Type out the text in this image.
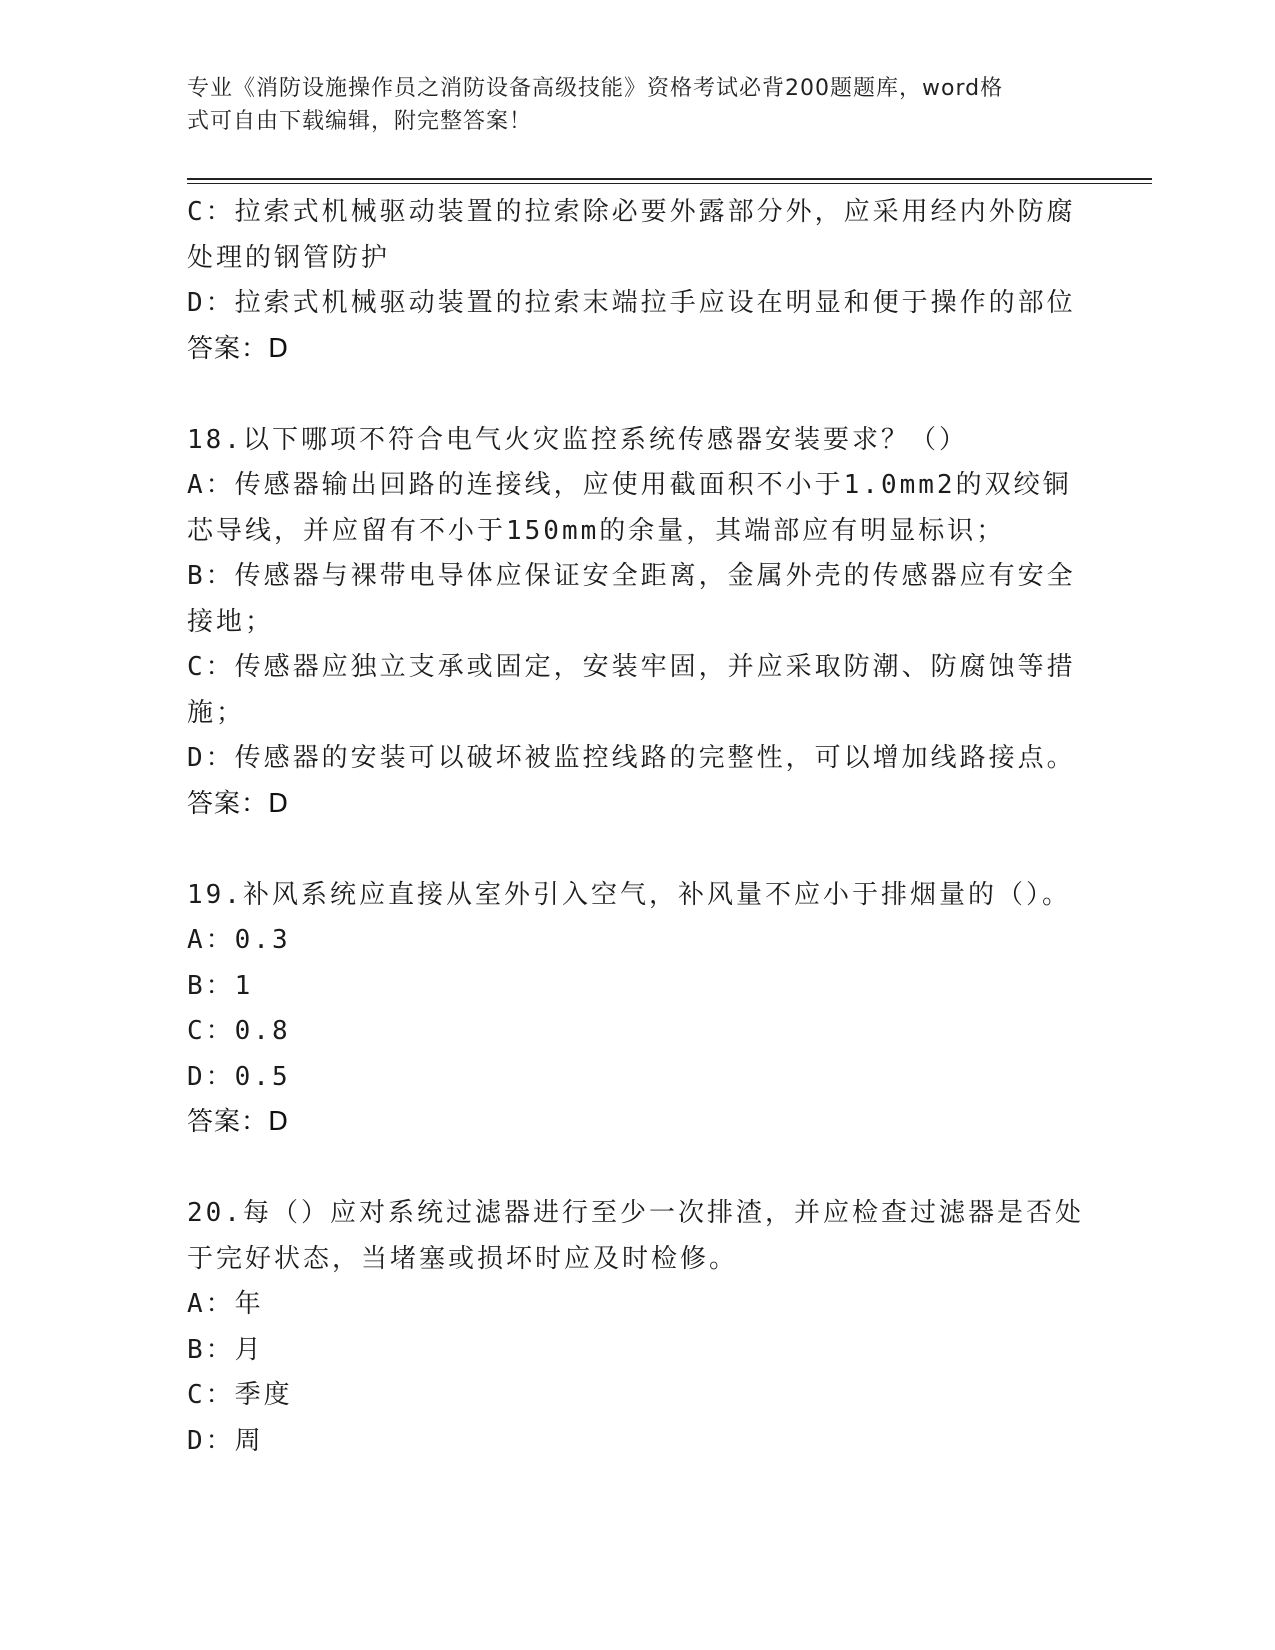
专业《消防设施操作员之消防设备高级技能》资格考试必背200题题库，word格
式可自由下载编辑，附完整答案！
C：拉索式机械驱动装置的拉索除必要外露部分外，应采用经内外防腐
处理的钢管防护
D：拉索式机械驱动装置的拉索末端拉手应设在明显和便于操作的部位
答案：D
18.以下哪项不符合电气火灾监控系统传感器安装要求？（）
A：传感器输出回路的连接线，应使用截面积不小于1.0mm2的双绞铜
芯导线，并应留有不小于150mm的余量，其端部应有明显标识；
B：传感器与裸带电导体应保证安全距离，金属外壳的传感器应有安全
接地；
C：传感器应独立支承或固定，安装牢固，并应采取防潮、防腐蚀等措
施；
D：传感器的安装可以破坏被监控线路的完整性，可以增加线路接点。
答案：D
19.补风系统应直接从室外引入空气，补风量不应小于排烟量的（）。
A：0.3
B：1
C：0.8
D：0.5
答案：D
20.每（）应对系统过滤器进行至少一次排渣，并应检查过滤器是否处
于完好状态，当堵塞或损坏时应及时检修。
A：年
B：月
C：季度
D：周
